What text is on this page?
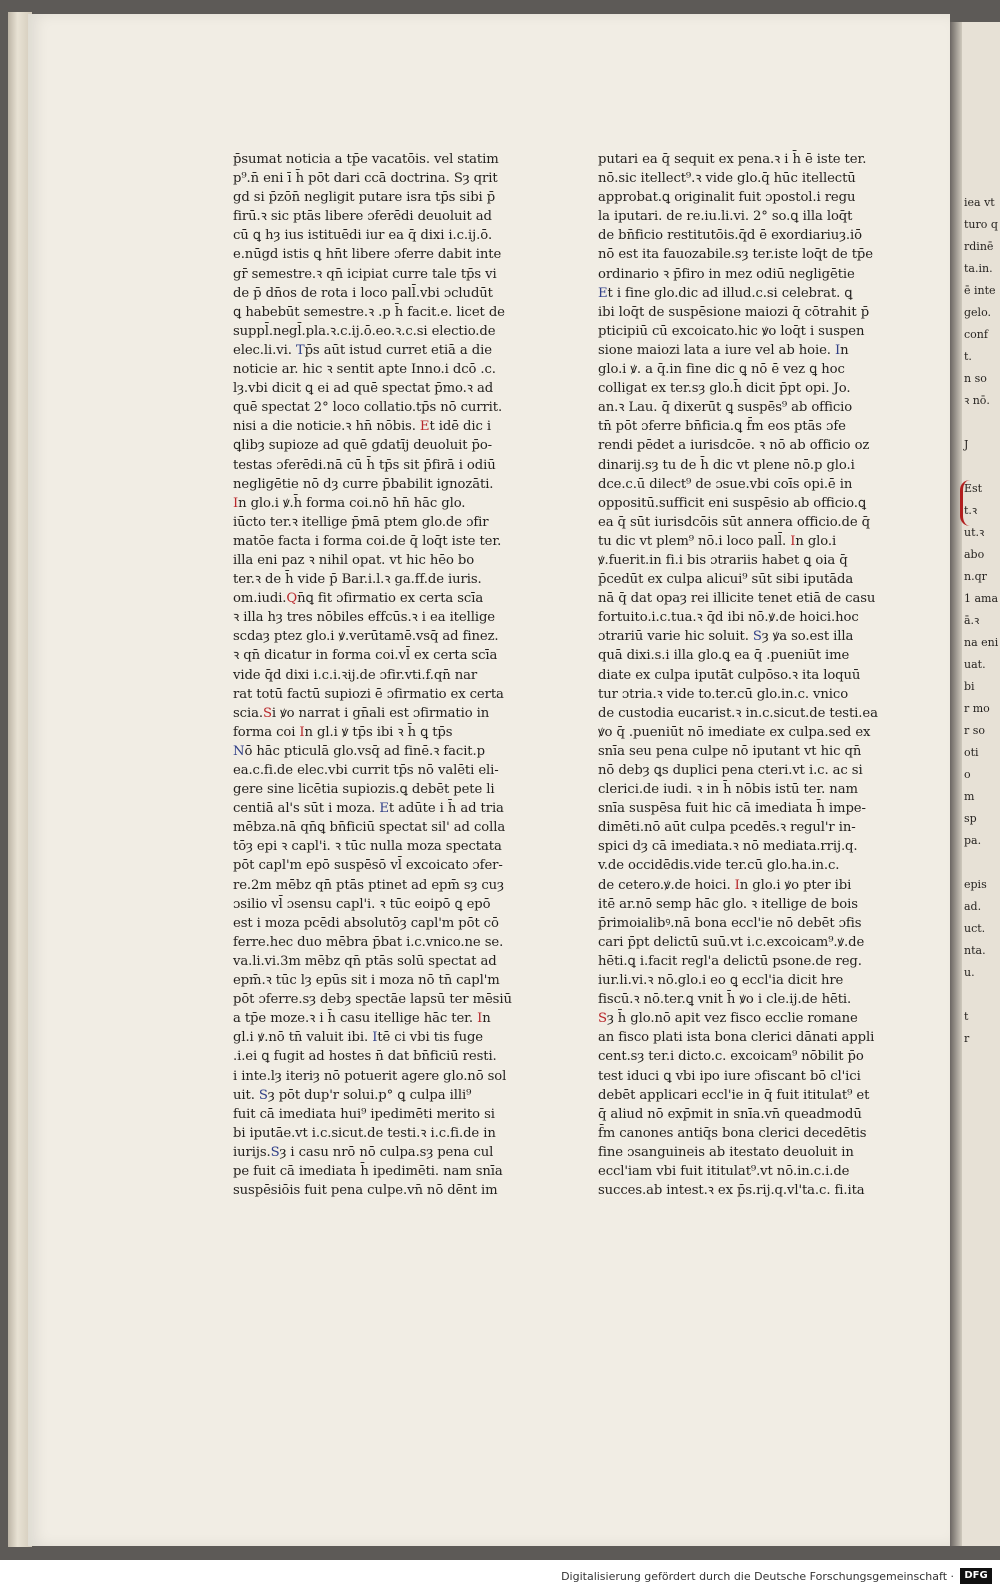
p̄sumat noticia a tp̄e vacatōis. vel statim
p⁹.n̄ eni ī h̄ pōt dari ccā doctrina. Sȝ qrit
gd si p̄zōn̄ negligit putare isra tp̄s sibi p̄
firū.ꝛ sic ptās libere ɔferēdi deuoluit ad
cū ꝗ hȝ ius istituēdi iur ea q̄ dixi i.c.ij.ō.
e.nūgd istis ꝗ hn̄t libere ɔferre dabit inte
gr̄ semestre.ꝛ qn̄ icipiat curre tale tp̄s vi
de p̄ dn̄os de rota i loco pall̄.vbi ɔcludūt
ꝗ habebūt semestre.ꝛ .p h̄ facit.e. licet de
suppl̄.negl̄.pla.ꝛ.c.ij.ō.eo.ꝛ.c.si electio.de
elec.li.vi. Tp̄s aūt istud curret etiā a die
noticie ar. hic ꝛ sentit apte Inno.i dcō .c.
lȝ.vbi dicit ꝗ ei ad quē spectat p̄mo.ꝛ ad
quē spectat 2° loco collatio.tp̄s nō currit.
nisi a die noticie.ꝛ hn̄ nōbis. Et idē dic i
ꝗlibȝ supioze ad quē gdatīj deuoluit p̄o-
testas ɔferēdi.nā cū h̄ tp̄s sit p̄firā i odiū
negligētie nō dȝ curre p̄babilit ignozāti.
In glo.i ꝟ.h̄ forma coi.nō hn̄ hāc glo.
iūcto ter.ꝛ itellige p̄mā ptem glo.de ɔfir
matōe facta i forma coi.de q̄ loq̄t iste ter.
illa eni paz ꝛ nihil opat. vt hic hēo bo
ter.ꝛ de h̄ vide p̄ Bar.i.l.ꝛ ga.ff.de iuris.
om.iudi.Qn̄ꝗ fit ɔfirmatio ex certa scīa
ꝛ illa hȝ tres nōbiles effcūs.ꝛ i ea itellige
scdaȝ ptez glo.i ꝟ.verūtamē.vsq̄ ad finez.
ꝛ qn̄ dicatur in forma coi.vl̄ ex certa scīa
vide q̄d dixi i.c.i.ꝛij.de ɔfir.vti.f.qn̄ nar
rat totū factū supiozi ē ɔfirmatio ex certa
scia.Si ꝟo narrat i gn̄ali est ɔfirmatio in
forma coi In gl.i ꝟ tp̄s ibi ꝛ h̄ ꝗ tp̄s
Nō hāc pticulā glo.vsq̄ ad finē.ꝛ facit.p
ea.c.fi.de elec.vbi currit tp̄s nō valēti eli-
gere sine licētia supiozis.ꝗ debēt pete li
centiā al's sūt i moza. Et adūte i h̄ ad tria
mēbza.nā qn̄ꝗ bn̄ficiū spectat sil' ad colla
tōȝ epi ꝛ capl'i. ꝛ tūc nulla moza spectata
pōt capl'm epō suspēsō vl̄ excoicato ɔfer-
re.2m mēbz qn̄ ptās ptinet ad epm̄ sȝ cuȝ
ɔsilio vl̄ ɔsensu capl'i. ꝛ tūc eoipō ꝗ epō
est i moza pcēdi absolutōȝ capl'm pōt cō
ferre.hec duo mēbra p̄bat i.c.vnico.ne se.
va.li.vi.3m mēbz qn̄ ptās solū spectat ad
epm̄.ꝛ tūc lȝ epūs sit i moza nō tn̄ capl'm
pōt ɔferre.sȝ debȝ spectāe lapsū ter mēsiū
a tp̄e moze.ꝛ i h̄ casu itellige hāc ter. In
gl.i ꝟ.nō tn̄ valuit ibi. Itē ci vbi tis fuge
.i.ei ꝗ fugit ad hostes n̄ dat bn̄ficiū resti.
i inte.lȝ iteriȝ nō potuerit agere glo.nō sol
uit. Sȝ pōt dup'r solui.p° ꝗ culpa illi⁹
fuit cā imediata hui⁹ ipedimēti merito si
bi iputāe.vt i.c.sicut.de testi.ꝛ i.c.fi.de in
iurijs.Sȝ i casu nrō nō culpa.sȝ pena cul
pe fuit cā imediata h̄ ipedimēti. nam snīa
suspēsiōis fuit pena culpe.vn̄ nō dēnt im
putari ea q̄ sequit ex pena.ꝛ i h̄ ē iste ter.
nō.sic itellect⁹.ꝛ vide glo.q̄ hūc itellectū
approbat.ꝗ originalit fuit ɔpostol.i regu
la iputari. de re.iu.li.vi. 2° so.ꝗ illa loq̄t
de bn̄ficio restitutōis.q̄d ē exordiariuȝ.iō
nō est ita fauozabile.sȝ ter.iste loq̄t de tp̄e
ordinario ꝛ p̄firo in mez odiū negligētie
Et i fine glo.dic ad illud.c.si celebrat. ꝗ
ibi loq̄t de suspēsione maiozi q̄ cōtrahit p̄
pticipiū cū excoicato.hic ꝟo loq̄t i suspen
sione maiozi lata a iure vel ab hoie. In
glo.i ꝟ. a q̄.in fine dic ꝗ nō ē vez ꝗ hoc
colligat ex ter.sȝ glo.h̄ dicit p̄pt opi. Jo.
an.ꝛ Lau. q̄ dixerūt ꝗ suspēs⁹ ab officio
tn̄ pōt ɔferre bn̄ficia.ꝗ f̄m eos ptās ɔfe
rendi pēdet a iurisdcōe. ꝛ nō ab officio oz
dinarij.sȝ tu de h̄ dic vt plene nō.p glo.i
dce.c.ū dilect⁹ de ɔsue.vbi coīs opi.ē in
oppositū.sufficit eni suspēsio ab officio.ꝗ
ea q̄ sūt iurisdcōis sūt annera officio.de q̄
tu dic vt plem⁹ nō.i loco pall̄. In glo.i
ꝟ.fuerit.in fi.i bis ɔtrariis habet ꝗ oia q̄
p̄cedūt ex culpa alicui⁹ sūt sibi iputāda
nā q̄ dat opaȝ rei illicite tenet etiā de casu
fortuito.i.c.tua.ꝛ q̄d ibi nō.ꝟ.de hoici.hoc
ɔtrariū varie hic soluit. Sȝ ꝟa so.est illa
quā dixi.s.i illa glo.ꝗ ea q̄ .pueniūt ime
diate ex culpa iputāt culpōso.ꝛ ita loquū
tur ɔtria.ꝛ vide to.ter.cū glo.in.c. vnico
de custodia eucarist.ꝛ in.c.sicut.de testi.ea
ꝟo q̄ .pueniūt nō imediate ex culpa.sed ex
snīa seu pena culpe nō iputant vt hic qn̄
nō debȝ ꝗs duplici pena cteri.vt i.c. ac si
clerici.de iudi. ꝛ in h̄ nōbis istū ter. nam
snīa suspēsa fuit hic cā imediata h̄ impe-
dimēti.nō aūt culpa pcedēs.ꝛ regul'r in-
spici dȝ cā imediata.ꝛ nō mediata.rrij.q.
v.de occidēdis.vide ter.cū glo.ha.in.c.
de cetero.ꝟ.de hoici. In glo.i ꝟo pter ibi
itē ar.nō semp hāc glo. ꝛ itellige de bois
p̄rimoialibꝰ.nā bona eccl'ie nō debēt ɔfis
cari p̄pt delictū suū.vt i.c.excoicam⁹.ꝟ.de
hēti.ꝗ i.facit regl'a delictū psone.de reg.
iur.li.vi.ꝛ nō.glo.i eo ꝗ eccl'ia dicit hre
fiscū.ꝛ nō.ter.ꝗ vnit h̄ ꝟo i cle.ij.de hēti.
Sȝ h̄ glo.nō apit vez fisco ecclie romane
an fisco plati ista bona clerici dānati appli
cent.sȝ ter.i dicto.c. excoicam⁹ nōbilit p̄o
test iduci ꝗ vbi ipo iure ɔfiscant bō cl'ici
debēt applicari eccl'ie in q̄ fuit ititulat⁹ et
q̄ aliud nō exp̄mit in snīa.vn̄ queadmodū
f̄m canones antiq̄s bona clerici decedētis
fine ɔsanguineis ab itestato deuoluit in
eccl'iam vbi fuit ititulat⁹.vt nō.in.c.i.de
succes.ab intest.ꝛ ex p̄s.rij.q.vl'ta.c. fi.ita
iea vt
turo q
rdinē
ta.in.
ē inte
gelo.
conf
t.
n so
ꝛ nō.

J

Est
t.ꝛ
ut.ꝛ
abo
n.qr
1 ama
ā.ꝛ
na eni
uat.
bi
r mo
r so
oti
o
m
sp
pa.

epis
ad.
uct.
nta.
u.

t
r
Digitalisierung gefördert durch die Deutsche Forschungsgemeinschaft ·	DFG
